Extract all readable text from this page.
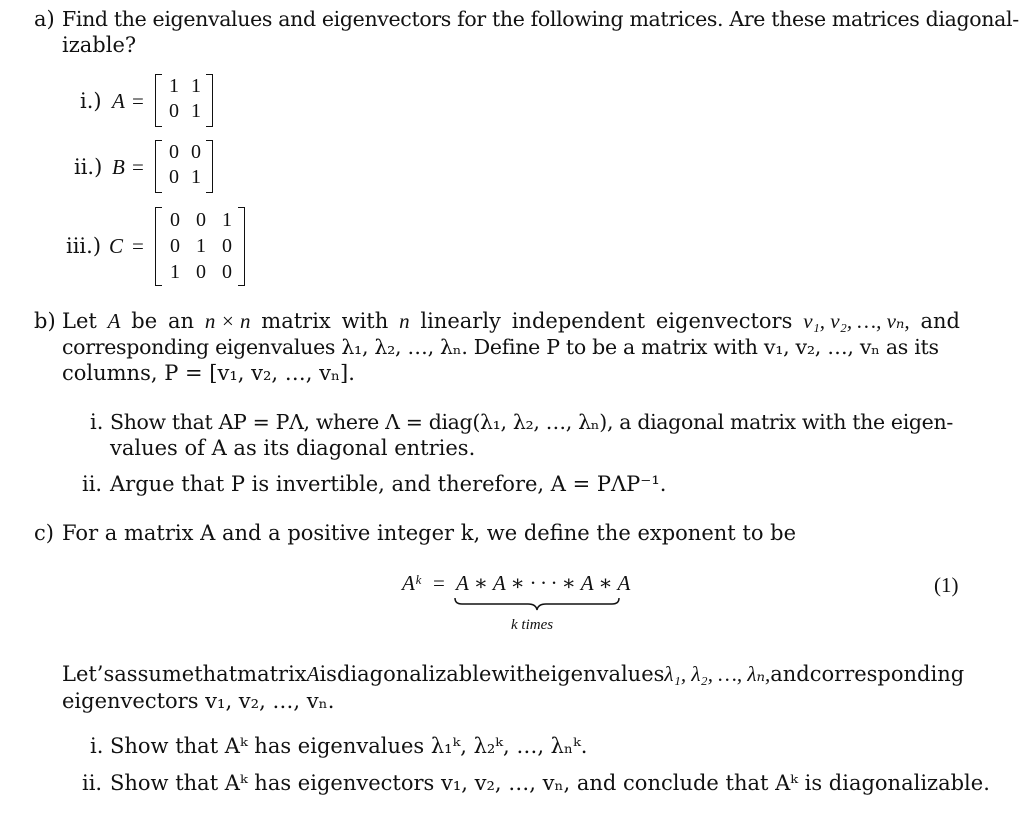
a) Find the eigenvalues and eigenvectors for the following matrices. Are these matrices diagonal-
izable?
i.) A =
1 1
0 1
ii.) B =
0 0
0 1
iii.) C =
0 0 1
0 1 0
1 0 0
b) Let A be an n × n matrix with n linearly independent eigenvectors v₁, v₂, …, vₙ, and
corresponding eigenvalues λ₁, λ₂, …, λₙ. Define P to be a matrix with v₁, v₂, …, vₙ as its
columns, P = [v₁, v₂, …, vₙ].
i. Show that AP = PΛ, where Λ = diag(λ₁, λ₂, …, λₙ), a diagonal matrix with the eigen-
values of A as its diagonal entries.
ii. Argue that P is invertible, and therefore, A = PΛP⁻¹.
c) For a matrix A and a positive integer k, we define the exponent to be
Aᵏ = A ∗ A ∗ · · · ∗ A ∗ A
k times
(1)
Let’s assume that matrix A is diagonalizable with eigenvalues λ₁, λ₂, …, λₙ, and corresponding
eigenvectors v₁, v₂, …, vₙ.
i. Show that Aᵏ has eigenvalues λ₁ᵏ, λ₂ᵏ, …, λₙᵏ.
ii. Show that Aᵏ has eigenvectors v₁, v₂, …, vₙ, and conclude that Aᵏ is diagonalizable.
